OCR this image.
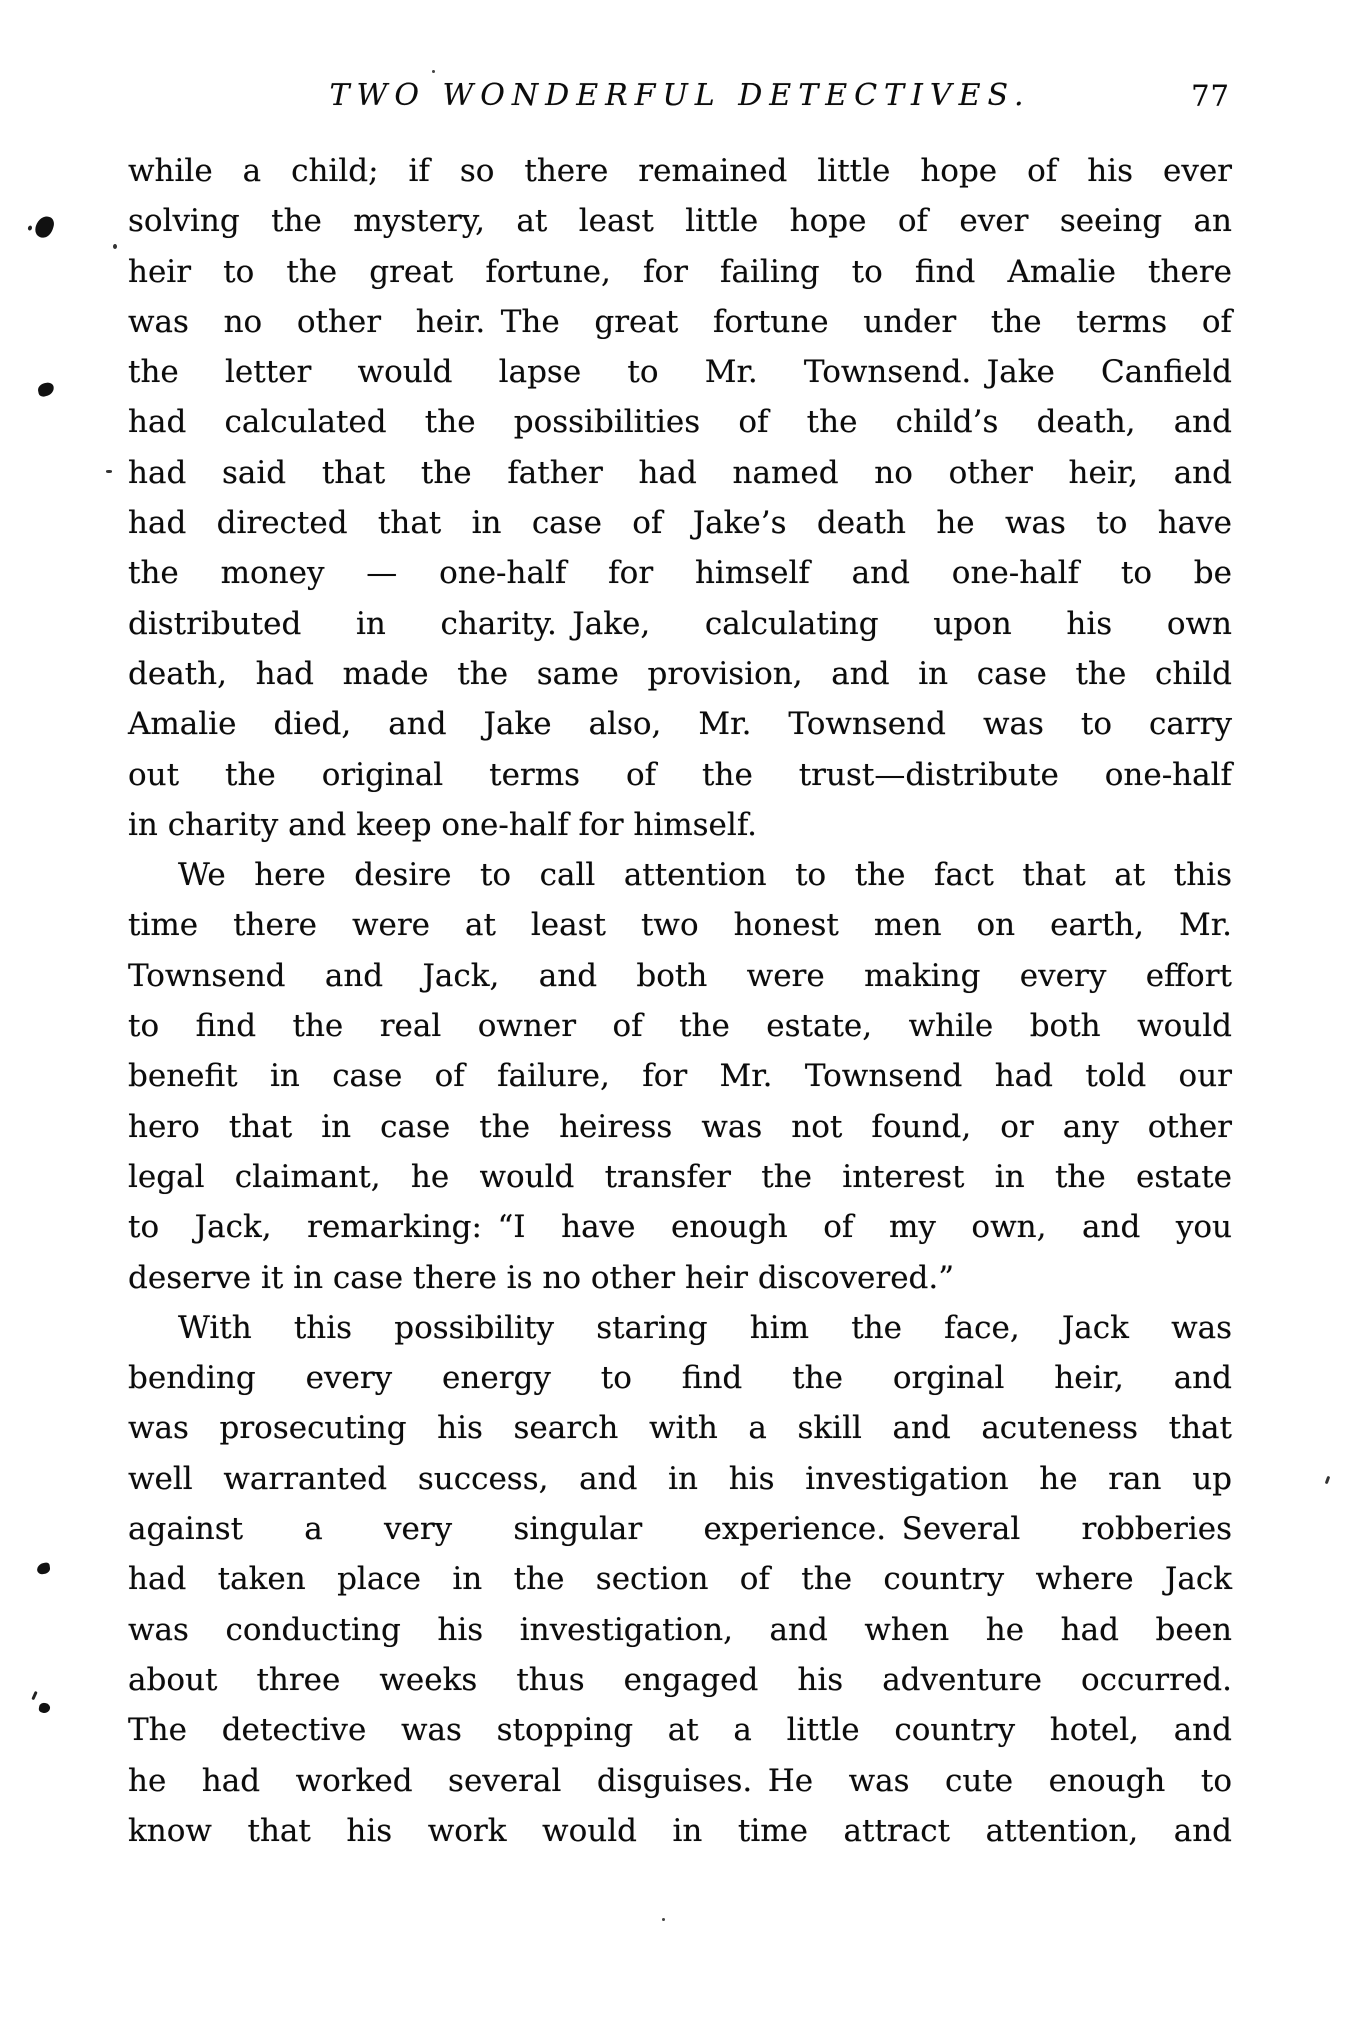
TWO WONDERFUL DETECTIVES.	77
while a child; if so there remained little hope of his ever
solving the mystery, at least little hope of ever seeing an
heir to the great fortune, for failing to find Amalie there
was no other heir. The great fortune under the terms of
the letter would lapse to Mr. Townsend. Jake Canfield
had calculated the possibilities of the child’s death, and
had said that the father had named no other heir, and
had directed that in case of Jake’s death he was to have
the money — one-half for himself and one-half to be
distributed in charity. Jake, calculating upon his own
death, had made the same provision, and in case the child
Amalie died, and Jake also, Mr. Townsend was to carry
out the original terms of the trust—distribute one-half
in charity and keep one-half for himself.
We here desire to call attention to the fact that at this
time there were at least two honest men on earth, Mr.
Townsend and Jack, and both were making every effort
to find the real owner of the estate, while both would
benefit in case of failure, for Mr. Townsend had told our
hero that in case the heiress was not found, or any other
legal claimant, he would transfer the interest in the estate
to Jack, remarking: “I have enough of my own, and you
deserve it in case there is no other heir discovered.”
With this possibility staring him the face, Jack was
bending every energy to find the orginal heir, and
was prosecuting his search with a skill and acuteness that
well warranted success, and in his investigation he ran up
against a very singular experience. Several robberies
had taken place in the section of the country where Jack
was conducting his investigation, and when he had been
about three weeks thus engaged his adventure occurred.
The detective was stopping at a little country hotel, and
he had worked several disguises. He was cute enough to
know that his work would in time attract attention, and
